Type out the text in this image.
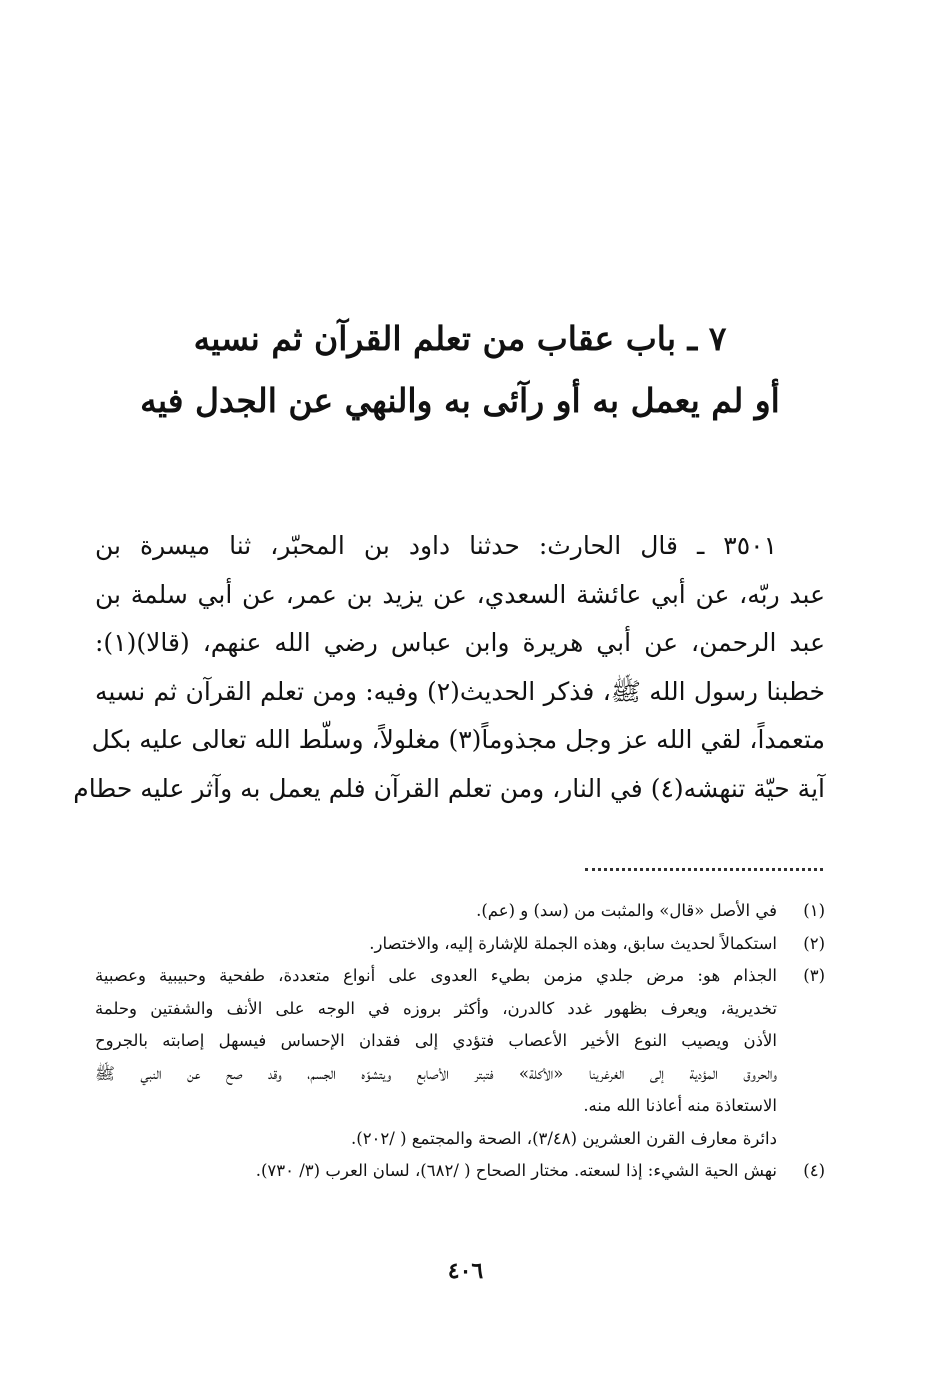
٧ ـ باب عقاب من تعلم القرآن ثم نسيه
أو لم يعمل به أو رآئى به والنهي عن الجدل فيه
٣٥٠١ ـ قال الحارث: حدثنا داود بن المحبّر، ثنا ميسرة بن
عبد ربّه، عن أبي عائشة السعدي، عن يزيد بن عمر، عن أبي سلمة بن
عبد الرحمن، عن أبي هريرة وابن عباس رضي الله عنهم، (قالا)(١):
خطبنا رسول الله ﷺ، فذكر الحديث(٢) وفيه: ومن تعلم القرآن ثم نسيه
متعمداً، لقي الله عز وجل مجذوماً(٣) مغلولاً، وسلّط الله تعالى عليه بكل
آية حيّة تنهشه(٤) في النار، ومن تعلم القرآن فلم يعمل به وآثر عليه حطام
(١)
في الأصل «قال» والمثبت من (سد) و (عم).
(٢)
استكمالاً لحديث سابق، وهذه الجملة للإشارة إليه، والاختصار.
(٣)
الجذام هو: مرض جلدي مزمن بطيء العدوى على أنواع متعددة، طفحية وحبيبية وعصبية
تخديرية، ويعرف بظهور غدد كالدرن، وأكثر بروزه في الوجه على الأنف والشفتين وحلمة
الأذن ويصيب النوع الأخير الأعصاب فتؤدي إلى فقدان الإحساس فيسهل إصابته بالجروح
والحروق المؤدية إلى الغرغرينا «الأكلة» فتبتر الأصابع ويتشوّه الجسم، وقد صح عن النبي ﷺ
الاستعاذة منه أعاذنا الله منه.
دائرة معارف القرن العشرين (٣/٤٨)، الصحة والمجتمع ( /٢٠٢).
(٤)
نهش الحية الشيء: إذا لسعته. مختار الصحاح ( /٦٨٢)، لسان العرب (٣/ ٧٣٠).
٤٠٦
